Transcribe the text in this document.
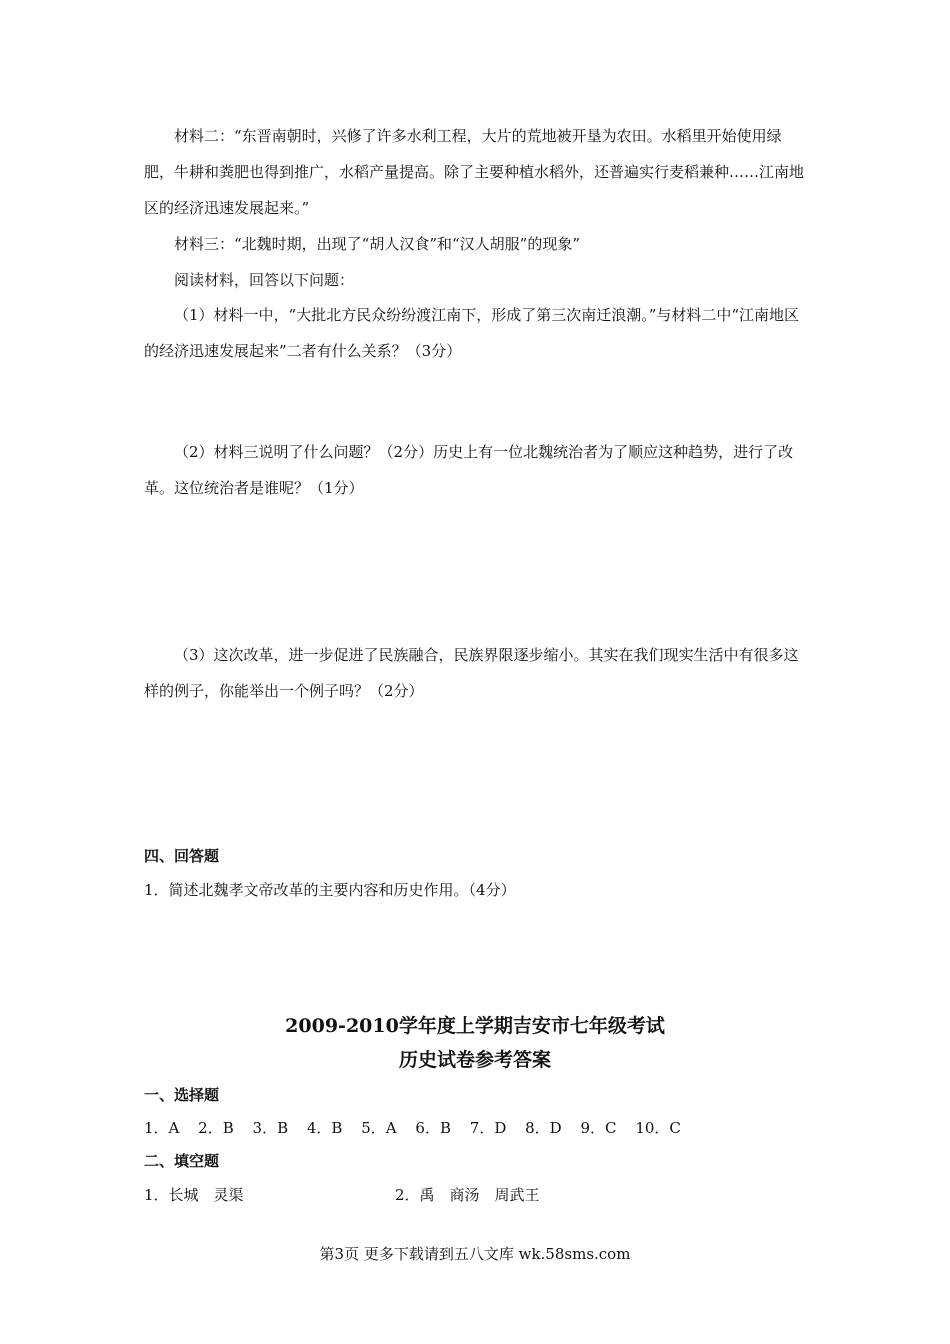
材料二：“东晋南朝时，兴修了许多水利工程，大片的荒地被开垦为农田。水稻里开始使用绿肥，牛耕和粪肥也得到推广，水稻产量提高。除了主要种植水稻外，还普遍实行麦稻兼种……江南地区的经济迅速发展起来。”

材料三：“北魏时期，出现了“胡人汉食”和“汉人胡服”的现象”

阅读材料，回答以下问题：

（1）材料一中，“大批北方民众纷纷渡江南下，形成了第三次南迁浪潮。”与材料二中“江南地区的经济迅速发展起来”二者有什么关系？（3分）

（2）材料三说明了什么问题？（2分）历史上有一位北魏统治者为了顺应这种趋势，进行了改革。这位统治者是谁呢？（1分）

（3）这次改革，进一步促进了民族融合，民族界限逐步缩小。其实在我们现实生活中有很多这样的例子，你能举出一个例子吗？（2分）

四、回答题

1．简述北魏孝文帝改革的主要内容和历史作用。（4分）

2009-2010学年度上学期吉安市七年级考试
历史试卷参考答案
一、选择题
1．A 2．B 3．B 4．B 5．A 6．B 7．D 8．D 9．C 10．C
二、填空题
1．长城　灵渠	2．禹　商汤　周武王
第3页 更多下载请到五八文库 wk.58sms.com
